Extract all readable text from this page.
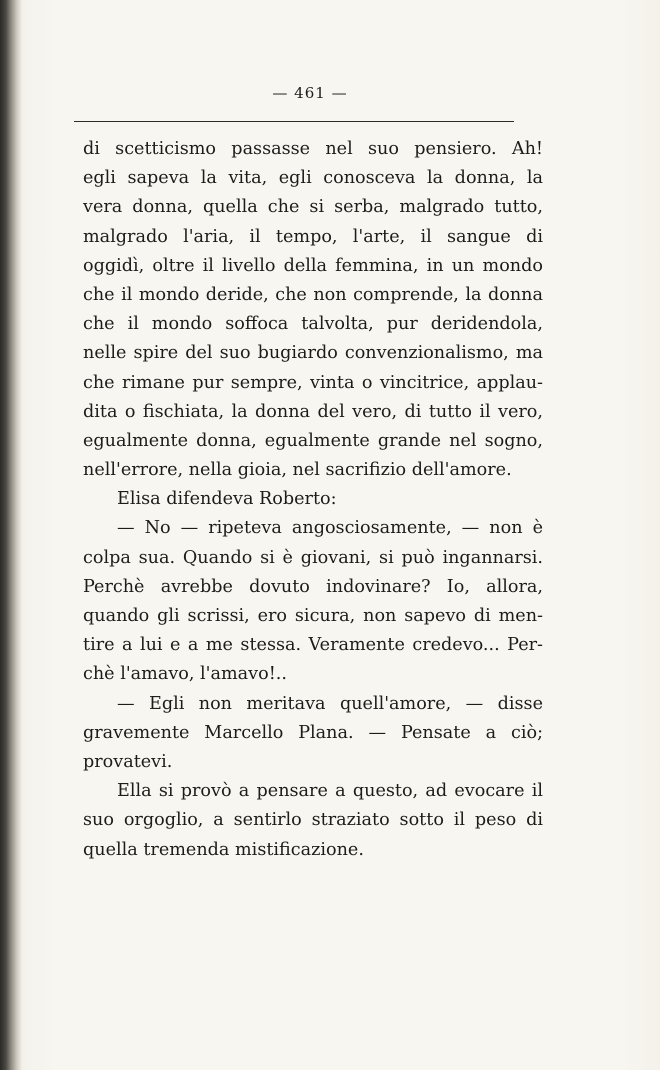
— 461 —
di scetticismo passasse nel suo pensiero. Ah!
egli sapeva la vita, egli conosceva la donna, la
vera donna, quella che si serba, malgrado tutto,
malgrado l'aria, il tempo, l'arte, il sangue di
oggidì, oltre il livello della femmina, in un mondo
che il mondo deride, che non comprende, la donna
che il mondo soffoca talvolta, pur deridendola,
nelle spire del suo bugiardo convenzionalismo, ma
che rimane pur sempre, vinta o vincitrice, applau-
dita o fischiata, la donna del vero, di tutto il vero,
egualmente donna, egualmente grande nel sogno,
nell'errore, nella gioia, nel sacrifizio dell'amore.
Elisa difendeva Roberto:
— No — ripeteva angosciosamente, — non è
colpa sua. Quando si è giovani, si può ingannarsi.
Perchè avrebbe dovuto indovinare? Io, allora,
quando gli scrissi, ero sicura, non sapevo di men-
tire a lui e a me stessa. Veramente credevo... Per-
chè l'amavo, l'amavo!..
— Egli non meritava quell'amore, — disse
gravemente Marcello Plana. — Pensate a ciò;
provatevi.
Ella si provò a pensare a questo, ad evocare il
suo orgoglio, a sentirlo straziato sotto il peso di
quella tremenda mistificazione.
